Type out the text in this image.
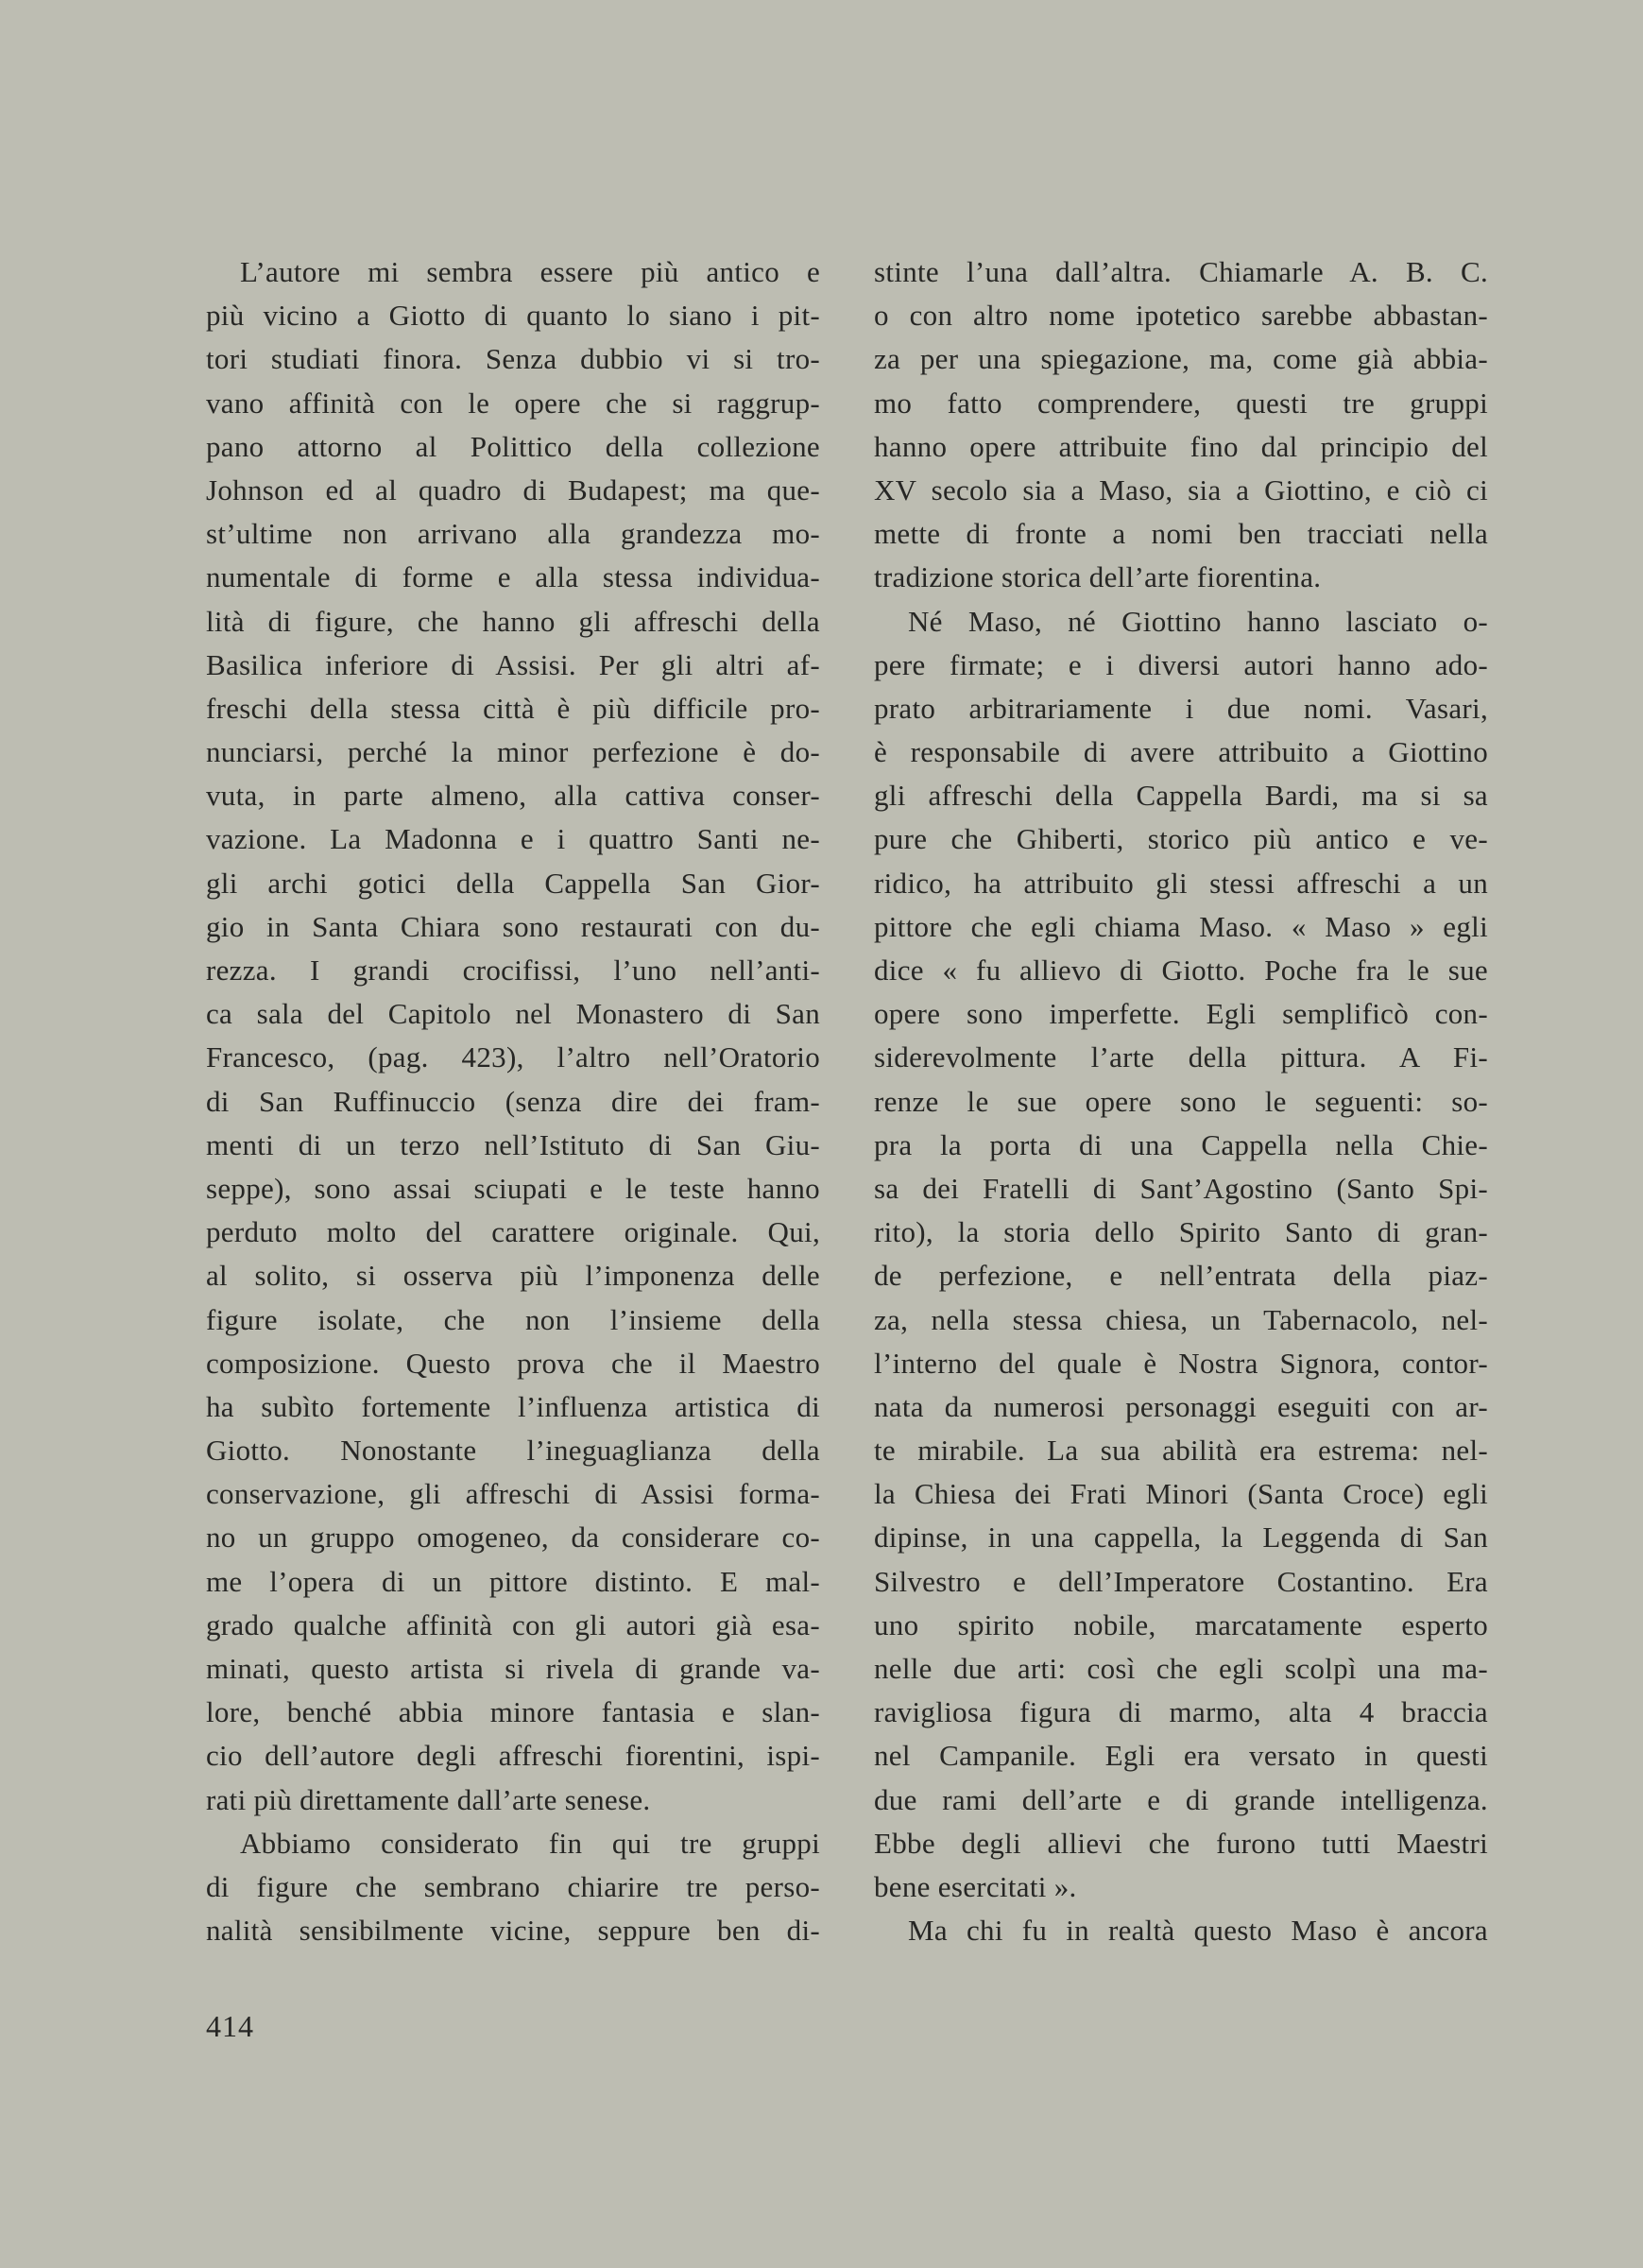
L’autore mi sembra essere più antico e
più vicino a Giotto di quanto lo siano i pit-
tori studiati finora. Senza dubbio vi si tro-
vano affinità con le opere che si raggrup-
pano attorno al Polittico della collezione
Johnson ed al quadro di Budapest; ma que-
st’ultime non arrivano alla grandezza mo-
numentale di forme e alla stessa individua-
lità di figure, che hanno gli affreschi della
Basilica inferiore di Assisi. Per gli altri af-
freschi della stessa città è più difficile pro-
nunciarsi, perché la minor perfezione è do-
vuta, in parte almeno, alla cattiva conser-
vazione. La Madonna e i quattro Santi ne-
gli archi gotici della Cappella San Gior-
gio in Santa Chiara sono restaurati con du-
rezza. I grandi crocifissi, l’uno nell’anti-
ca sala del Capitolo nel Monastero di San
Francesco, (pag. 423), l’altro nell’Oratorio
di San Ruffinuccio (senza dire dei fram-
menti di un terzo nell’Istituto di San Giu-
seppe), sono assai sciupati e le teste hanno
perduto molto del carattere originale. Qui,
al solito, si osserva più l’imponenza delle
figure isolate, che non l’insieme della
composizione. Questo prova che il Maestro
ha subìto fortemente l’influenza artistica di
Giotto. Nonostante l’ineguaglianza della
conservazione, gli affreschi di Assisi forma-
no un gruppo omogeneo, da considerare co-
me l’opera di un pittore distinto. E mal-
grado qualche affinità con gli autori già esa-
minati, questo artista si rivela di grande va-
lore, benché abbia minore fantasia e slan-
cio dell’autore degli affreschi fiorentini, ispi-
rati più direttamente dall’arte senese.
Abbiamo considerato fin qui tre gruppi
di figure che sembrano chiarire tre perso-
nalità sensibilmente vicine, seppure ben di-
stinte l’una dall’altra. Chiamarle A. B. C.
o con altro nome ipotetico sarebbe abbastan-
za per una spiegazione, ma, come già abbia-
mo fatto comprendere, questi tre gruppi
hanno opere attribuite fino dal principio del
XV secolo sia a Maso, sia a Giottino, e ciò ci
mette di fronte a nomi ben tracciati nella
tradizione storica dell’arte fiorentina.
Né Maso, né Giottino hanno lasciato o-
pere firmate; e i diversi autori hanno ado-
prato arbitrariamente i due nomi. Vasari,
è responsabile di avere attribuito a Giottino
gli affreschi della Cappella Bardi, ma si sa
pure che Ghiberti, storico più antico e ve-
ridico, ha attribuito gli stessi affreschi a un
pittore che egli chiama Maso. « Maso » egli
dice « fu allievo di Giotto. Poche fra le sue
opere sono imperfette. Egli semplificò con-
siderevolmente l’arte della pittura. A Fi-
renze le sue opere sono le seguenti: so-
pra la porta di una Cappella nella Chie-
sa dei Fratelli di Sant’Agostino (Santo Spi-
rito), la storia dello Spirito Santo di gran-
de perfezione, e nell’entrata della piaz-
za, nella stessa chiesa, un Tabernacolo, nel-
l’interno del quale è Nostra Signora, contor-
nata da numerosi personaggi eseguiti con ar-
te mirabile. La sua abilità era estrema: nel-
la Chiesa dei Frati Minori (Santa Croce) egli
dipinse, in una cappella, la Leggenda di San
Silvestro e dell’Imperatore Costantino. Era
uno spirito nobile, marcatamente esperto
nelle due arti: così che egli scolpì una ma-
ravigliosa figura di marmo, alta 4 braccia
nel Campanile. Egli era versato in questi
due rami dell’arte e di grande intelligenza.
Ebbe degli allievi che furono tutti Maestri
bene esercitati ».
Ma chi fu in realtà questo Maso è ancora
414
